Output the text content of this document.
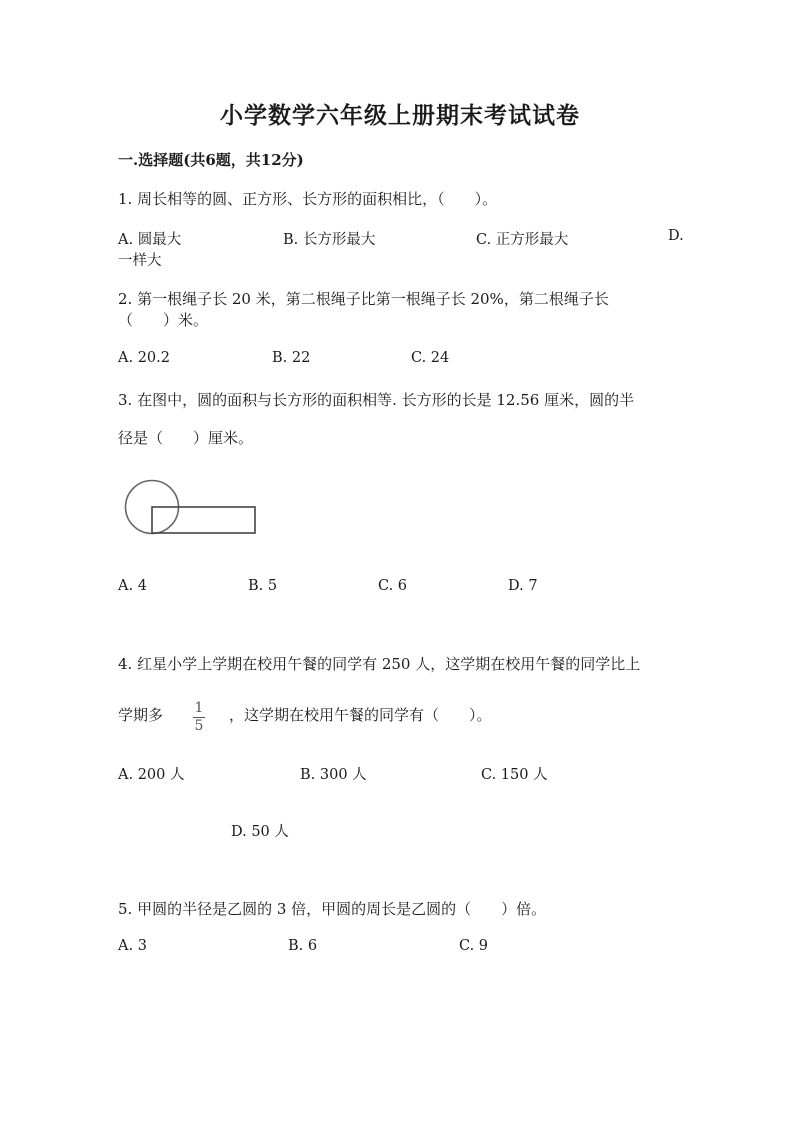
小学数学六年级上册期末考试试卷
一.选择题(共6题，共12分)
1. 周长相等的圆、正方形、长方形的面积相比，（　　）。
A. 圆最大	B. 长方形最大	C. 正方形最大	D.
一样大
2. 第一根绳子长 20 米，第二根绳子比第一根绳子长 20%，第二根绳子长
（　　）米。
A. 20.2	B. 22	C. 24
3. 在图中，圆的面积与长方形的面积相等. 长方形的长是 12.56 厘米，圆的半
径是（　　）厘米。
A. 4	B. 5	C. 6	D. 7
4. 红星小学上学期在校用午餐的同学有 250 人，这学期在校用午餐的同学比上
学期多	1
5
，这学期在校用午餐的同学有（　　）。
A. 200 人	B. 300 人	C. 150 人
D. 50 人
5. 甲圆的半径是乙圆的 3 倍，甲圆的周长是乙圆的（　　）倍。
A. 3	B. 6	C. 9
